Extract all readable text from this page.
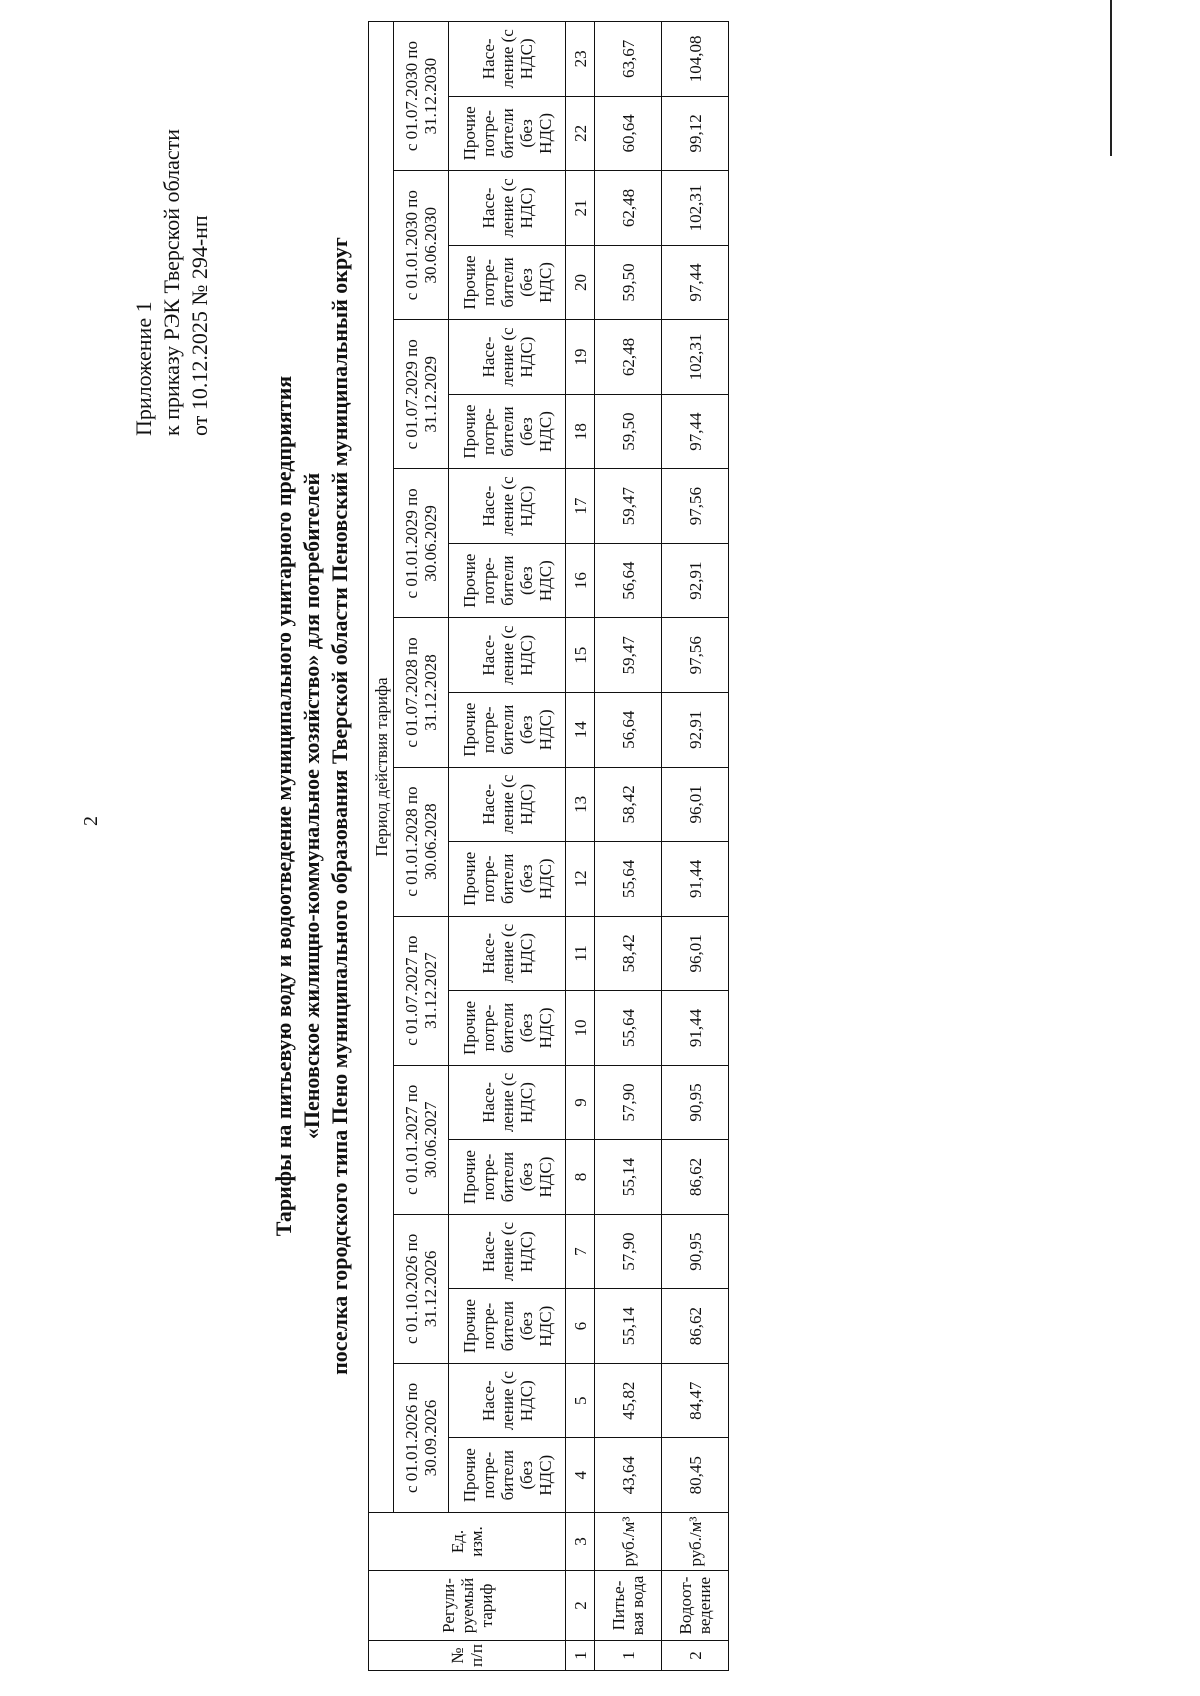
2
Приложение 1 к приказу РЭК Тверской области от 10.12.2025 № 294-нп
Тарифы на питьевую воду и водоотведение муниципального унитарного предприятия «Пеновское жилищно-коммунальное хозяйство» для потребителей поселка городского типа Пено муниципального образования Тверской области Пеновский муниципальный округ
№ п/п	Регули-руемый тариф	Ед. изм.	Период действия тарифа																			
			с 01.01.2026 по 30.09.2026		с 01.10.2026 по 31.12.2026		с 01.01.2027 по 30.06.2027		с 01.07.2027 по 31.12.2027		с 01.01.2028 по 30.06.2028		с 01.07.2028 по 31.12.2028		с 01.01.2029 по 30.06.2029		с 01.07.2029 по 31.12.2029		с 01.01.2030 по 30.06.2030		с 01.07.2030 по 31.12.2030	
			Прочие потре-бители (без НДС)	Насе-ление (с НДС)	Прочие потре-бители (без НДС)	Насе-ление (с НДС)	Прочие потре-бители (без НДС)	Насе-ление (с НДС)	Прочие потре-бители (без НДС)	Насе-ление (с НДС)	Прочие потре-бители (без НДС)	Насе-ление (с НДС)	Прочие потре-бители (без НДС)	Насе-ление (с НДС)	Прочие потре-бители (без НДС)	Насе-ление (с НДС)	Прочие потре-бители (без НДС)	Насе-ление (с НДС)	Прочие потре-бители (без НДС)	Насе-ление (с НДС)	Прочие потре-бители (без НДС)	Насе-ление (с НДС)
1	2	3	4	5	6	7	8	9	10	11	12	13	14	15	16	17	18	19	20	21	22	23
1	Питье-вая вода	руб./м³	43,64	45,82	55,14	57,90	55,14	57,90	55,64	58,42	55,64	58,42	56,64	59,47	56,64	59,47	59,50	62,48	59,50	62,48	60,64	63,67
2	Водоот-ведение	руб./м³	80,45	84,47	86,62	90,95	86,62	90,95	91,44	96,01	91,44	96,01	92,91	97,56	92,91	97,56	97,44	102,31	97,44	102,31	99,12	104,08
